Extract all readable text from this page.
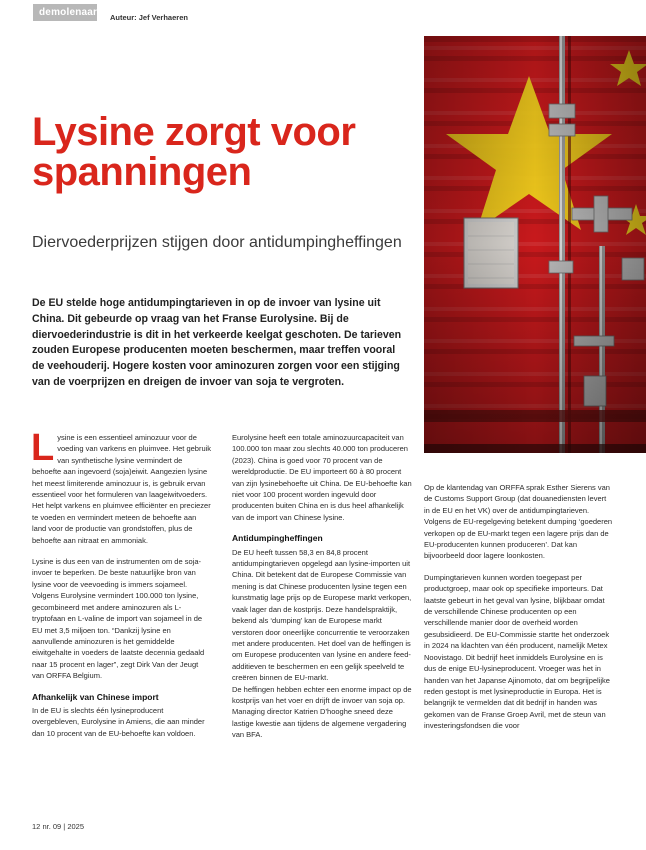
demolenaar Auteur: Jef Verhaeren
Lysine zorgt voor spanningen
Diervoederprijzen stijgen door antidumpingheffingen

De EU stelde hoge antidumpingtarieven in op de invoer van lysine uit China. Dit gebeurde op vraag van het Franse Eurolysine. Bij de diervoederindustrie is dit in het verkeerde keelgat geschoten. De tarieven zouden Europese producenten moeten beschermen, maar treffen vooral de veehouderij. Hogere kosten voor aminozuren zorgen voor een stijging van de voerprijzen en dreigen de invoer van soja te vergroten.

Lysine is een essentieel aminozuur voor de voeding van varkens en pluimvee. Het gebruik van synthetische lysine vermindert de behoefte aan ingevoerd (soja)eiwit. Aangezien lysine het meest limiterende aminozuur is, is gebruik ervan essentieel voor het formuleren van laageiwitvoeders. Het helpt varkens en pluimvee efficiënter en preciezer te voeden en vermindert meteen de behoefte aan land voor de productie van grondstoffen, plus de behoefte aan nitraat en ammoniak.

Lysine is dus een van de instrumenten om de soja-invoer te beperken. De beste natuurlijke bron van lysine voor de veevoeding is immers sojameel. Volgens Eurolysine vermindert 100.000 ton lysine, gecombineerd met andere aminozuren als L-tryptofaan en L-valine de import van sojameel in de EU met 3,5 miljoen ton. “Dankzij lysine en aanvullende aminozuren is het gemiddelde eiwitgehalte in voeders de laatste decennia gedaald naar 15 procent en lager”, zegt Dirk Van der Jeugt van ORFFA Belgium.

Afhankelijk van Chinese import

In de EU is slechts één lysineproducent overgebleven, Eurolysine in Amiens, die aan minder dan 10 procent van de EU-behoefte kan voldoen.

Eurolysine heeft een totale aminozuurcapaciteit van 100.000 ton maar zou slechts 40.000 ton produceren (2023). China is goed voor 70 procent van de wereldproductie. De EU importeert 60 à 80 procent van zijn lysinebehoefte uit China. De EU-behoefte kan niet voor 100 procent worden ingevuld door producenten buiten China en is dus heel afhankelijk van de import van Chinese lysine.

Antidumpingheffingen

De EU heeft tussen 58,3 en 84,8 procent antidumpingtarieven opgelegd aan lysine-importen uit China. Dit betekent dat de Europese Commissie van mening is dat Chinese producenten lysine tegen een kunstmatig lage prijs op de Europese markt verkopen, vaak lager dan de kostprijs. Deze handelspraktijk, bekend als ‘dumping’ kan de Europese markt verstoren door oneerlijke concurrentie te veroorzaken met andere producenten. Het doel van de heffingen is om Europese producenten van lysine en andere feed-additieven te beschermen en een gelijk speelveld te creëren binnen de EU-markt.

De heffingen hebben echter een enorme impact op de kostprijs van het voer en drijft de invoer van soja op. Managing director Katrien D’hooghe sneed deze lastige kwestie aan tijdens de algemene vergadering van BFA.

Op de klantendag van ORFFA sprak Esther Sierens van de Customs Support Group (dat douanediensten levert in de EU en het VK) over de antidumpingtarieven. Volgens de EU-regelgeving betekent dumping ‘goederen verkopen op de EU-markt tegen een lagere prijs dan de EU-producenten kunnen produceren’. Dat kan bijvoorbeeld door lagere loonkosten.

Dumpingtarieven kunnen worden toegepast per productgroep, maar ook op specifieke importeurs. Dat laatste gebeurt in het geval van lysine, blijkbaar omdat de verschillende Chinese producenten op een verschillende manier door de overheid worden gesubsidieerd. De EU-Commissie startte het onderzoek in 2024 na klachten van één producent, namelijk Metex Noovistago. Dit bedrijf heet inmiddels Eurolysine en is dus de enige EU-lysineproducent. Vroeger was het in handen van het Japanse Ajinomoto, dat om begrijpelijke reden gestopt is met lysineproductie in Europa. Het is belangrijk te vermelden dat dit bedrijf in handen was gekomen van de Franse Groep Avril, met de steun van investeringsfondsen die voor

12 nr. 09 | 2025
